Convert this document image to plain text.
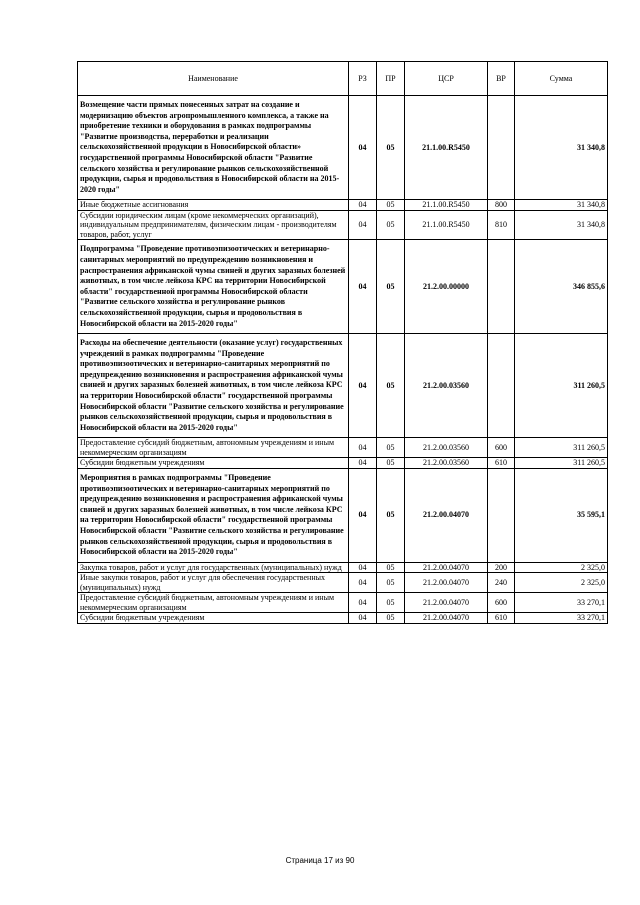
Наименование	РЗ	ПР	ЦСР	ВР	Сумма
Возмещение части прямых понесенных затрат на создание и модернизацию объектов агропромышленного комплекса, а также на приобретение техники и оборудования в рамках подпрограммы "Развитие производства, переработки и реализации сельскохозяйственной продукции в Новосибирской области» государственной программы Новосибирской области "Развитие сельского хозяйства и регулирование рынков сельскохозяйственной продукции, сырья и продовольствия в Новосибирской области на 2015-2020 годы"	04	05	21.1.00.R5450		31 340,8
Иные бюджетные ассигнования	04	05	21.1.00.R5450	800	31 340,8
Субсидии юридическим лицам (кроме некоммерческих организаций), индивидуальным предпринимателям, физическим лицам - производителям товаров, работ, услуг	04	05	21.1.00.R5450	810	31 340,8
Подпрограмма "Проведение противоэпизоотических и ветеринарно-санитарных мероприятий по предупреждению возникновения и распространения африканской чумы свиней и других заразных болезней животных, в том числе лейкоза КРС на территории Новосибирской области" государственной программы Новосибирской области "Развитие сельского хозяйства и регулирование рынков сельскохозяйственной продукции, сырья и продовольствия в Новосибирской области на 2015-2020 годы"	04	05	21.2.00.00000		346 855,6
Расходы на обеспечение деятельности (оказание услуг) государственных учреждений в рамках подпрограммы "Проведение противоэпизоотических и ветеринарно-санитарных мероприятий по предупреждению возникновения и распространения африканской чумы свиней и других заразных болезней животных, в том числе лейкоза КРС на территории Новосибирской области" государственной программы Новосибирской области "Развитие сельского хозяйства и регулирование рынков сельскохозяйственной продукции, сырья и продовольствия в Новосибирской области на 2015-2020 годы"	04	05	21.2.00.03560		311 260,5
Предоставление субсидий бюджетным, автономным учреждениям и иным некоммерческим организациям	04	05	21.2.00.03560	600	311 260,5
Субсидии бюджетным учреждениям	04	05	21.2.00.03560	610	311 260,5
Мероприятия в рамках подпрограммы "Проведение противоэпизоотических и ветеринарно-санитарных мероприятий по предупреждению возникновения и распространения африканской чумы свиней и других заразных болезней животных, в том числе лейкоза КРС на территории Новосибирской области" государственной программы Новосибирской области "Развитие сельского хозяйства и регулирование рынков сельскохозяйственной продукции, сырья и продовольствия в Новосибирской области на 2015-2020 годы"	04	05	21.2.00.04070		35 595,1
Закупка товаров, работ и услуг для государственных (муниципальных) нужд	04	05	21.2.00.04070	200	2 325,0
Иные закупки товаров, работ и услуг для обеспечения государственных (муниципальных) нужд	04	05	21.2.00.04070	240	2 325,0
Предоставление субсидий бюджетным, автономным учреждениям и иным некоммерческим организациям	04	05	21.2.00.04070	600	33 270,1
Субсидии бюджетным учреждениям	04	05	21.2.00.04070	610	33 270,1
Страница 17 из 90
